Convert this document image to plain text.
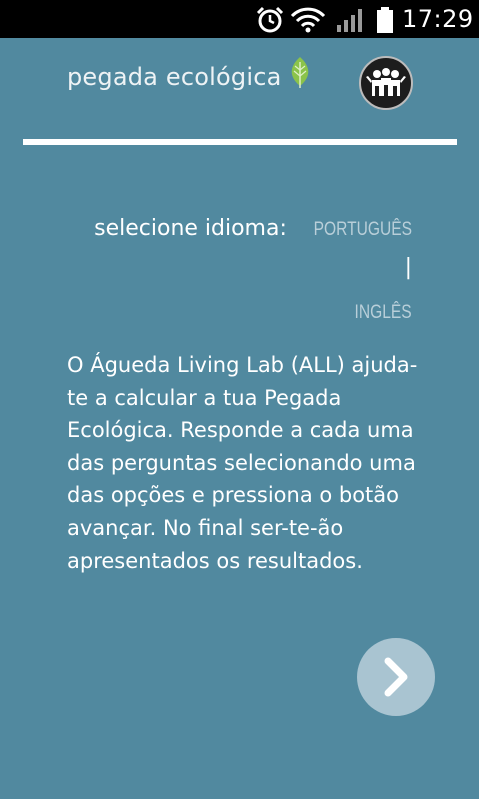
17:29
pegada ecológica
selecione idioma: PORTUGUÊS|
INGLÊS

O Águeda Living Lab (ALL) ajuda-te a calcular a tua Pegada Ecológica. Responde a cada uma das perguntas selecionando uma das opções e pressiona o botão avançar. No final ser-te-ão apresentados os resultados.
